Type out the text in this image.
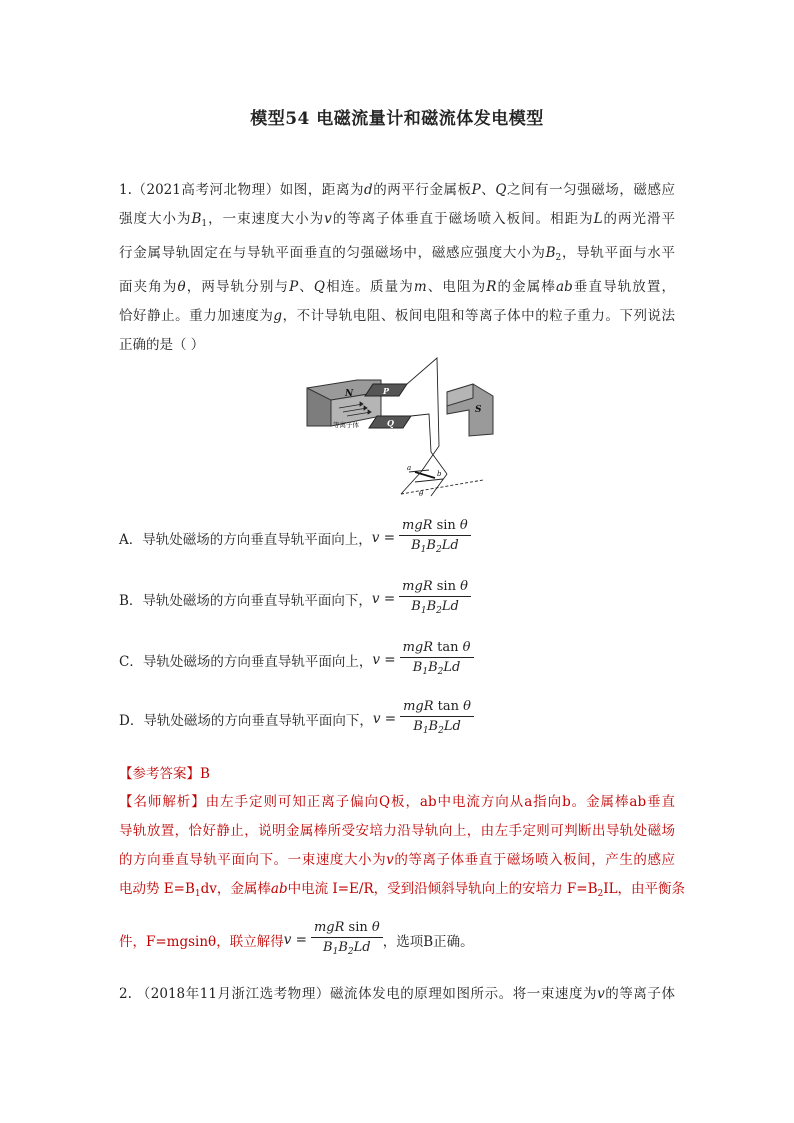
模型54 电磁流量计和磁流体发电模型
1.（2021高考河北物理）如图，距离为d的两平行金属板P、Q之间有一匀强磁场，磁感应
强度大小为$B_1$，一束速度大小为v的等离子体垂直于磁场喷入板间。相距为L的两光滑平
行金属导轨固定在与导轨平面垂直的匀强磁场中，磁感应强度大小为$B_2$，导轨平面与水平
面夹角为θ，两导轨分别与P、Q相连。质量为m、电阻为R的金属棒ab垂直导轨放置，
恰好静止。重力加速度为g，不计导轨电阻、板间电阻和等离子体中的粒子重力。下列说法
正确的是（ ）
N	P
Q
S
等离子体
a
b
θ
A．导轨处磁场的方向垂直导轨平面向上， v
= $\frac{\text{mgR sin θ}}{B_1B_2Ld}$
B．导轨处磁场的方向垂直导轨平面向下， v
= $\frac{\text{mgR sin θ}}{B_1B_2Ld}$
C．导轨处磁场的方向垂直导轨平面向上， v
= $\frac{\text{mgR tan θ}}{B_1B_2Ld}$
D．导轨处磁场的方向垂直导轨平面向下， v
= $\frac{\text{mgR tan θ}}{B_1B_2Ld}$
【参考答案】B
【名师解析】由左手定则可知正离子偏向Q板，ab中电流方向从a指向b。金属棒ab垂直
导轨放置，恰好静止，说明金属棒所受安培力沿导轨向上，由左手定则可判断出导轨处磁场
的方向垂直导轨平面向下。一束速度大小为v的等离子体垂直于磁场喷入板间，产生的感应
电动势 $E=B_1dv$，金属棒ab中电流 I=E/R，受到沿倾斜导轨向上的安培力 $F=B_2IL$，由平衡条
件，F=mgsinθ，联立解得 v
= $\frac{\text{mgR sin θ}}{B_1B_2Ld}$ ，选项B正确。
2. （2018年11月浙江选考物理）磁流体发电的原理如图所示。将一束速度为v的等离子体
